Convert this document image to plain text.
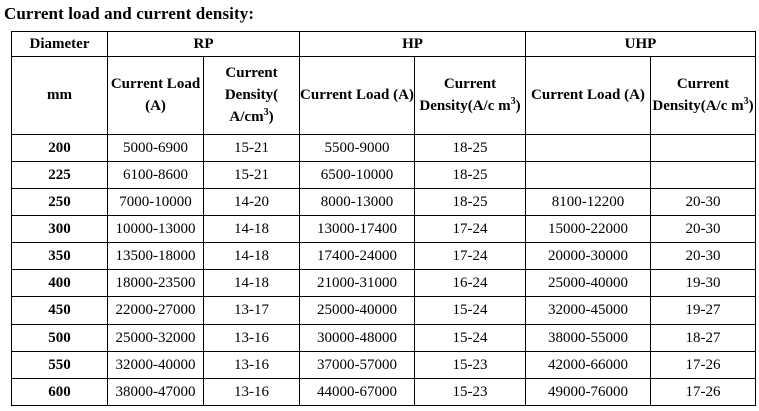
Current load and current density:
Diameter	RP		HP		UHP	
mm	Current Load (A)	Current Density( $A/cm^3$)	Current Load (A)	Current Density(A/c $m^3$)	Current Load (A)	Current Density(A/c $m^3$)
200	5000-6900	15-21	5500-9000	18-25		
225	6100-8600	15-21	6500-10000	18-25		
250	7000-10000	14-20	8000-13000	18-25	8100-12200	20-30
300	10000-13000	14-18	13000-17400	17-24	15000-22000	20-30
350	13500-18000	14-18	17400-24000	17-24	20000-30000	20-30
400	18000-23500	14-18	21000-31000	16-24	25000-40000	19-30
450	22000-27000	13-17	25000-40000	15-24	32000-45000	19-27
500	25000-32000	13-16	30000-48000	15-24	38000-55000	18-27
550	32000-40000	13-16	37000-57000	15-23	42000-66000	17-26
600	38000-47000	13-16	44000-67000	15-23	49000-76000	17-26
